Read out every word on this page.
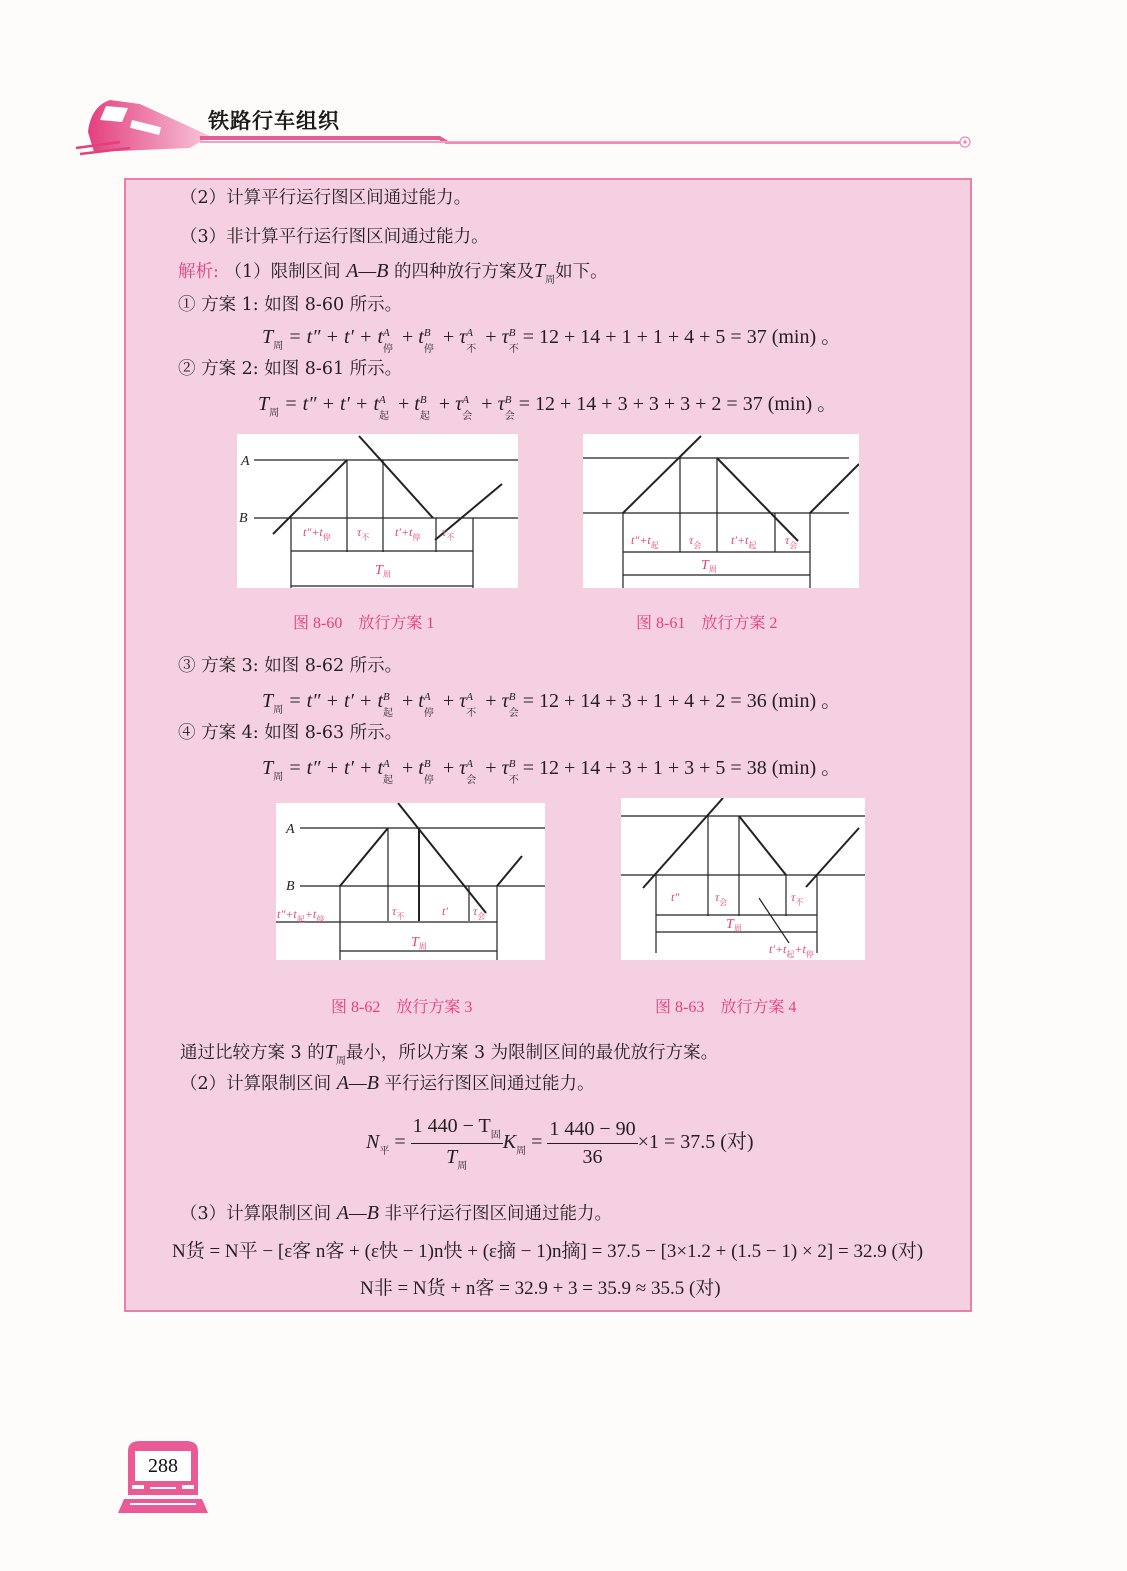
铁路行车组织
（2）计算平行运行图区间通过能力。
（3）非计算平行运行图区间通过能力。
解析: （1）限制区间 A—B 的四种放行方案及$T_周$如下。
① 方案 1: 如图 8-60 所示。
$T_周 = t'' + t' + t$ A
停
+ t B
停
+ τ A
不
+ τ B
不
= 12 + 14 + 1 + 1 + 4 + 5 = 37 (min) 。
② 方案 2: 如图 8-61 所示。
$T_周 = t'' + t' + t$ A
起
+ t B
起
+ τ A
会
+ τ B
会
= 12 + 14 + 3 + 3 + 3 + 2 = 37 (min) 。
A
B
$t''+t_停$ $\tau_不$ $t'+t_停$ $\tau_不$
$T_周$
$t''+t_起$	$\tau_会$ $t'+t_起$ $\tau_会$
$T_周$
图 8-60　放行方案 1	图 8-61　放行方案 2
③ 方案 3: 如图 8-62 所示。
$T_周 = t'' + t' + t$ B
起
+ t A
停
+ τ A
不
+ τ B
会
= 12 + 14 + 3 + 1 + 4 + 2 = 36 (min) 。
④ 方案 4: 如图 8-63 所示。
$T_周 = t'' + t' + t$ A
起
+ t B
停
+ τ A
会
+ τ B
不
= 12 + 14 + 3 + 1 + 3 + 5 = 38 (min) 。
A
B
$t''+t_起+t_停$
$\tau_不$	t′ $\tau_会$
$T_周$
t″	$\tau_会$	$\tau_不$
$T_周$
$t'+t_起+t_停$
图 8-62　放行方案 3	图 8-63　放行方案 4
通过比较方案 3 的$T_周$最小，所以方案 3 为限制区间的最优放行方案。
（2）计算限制区间 A—B 平行运行图区间通过能力。
$N_平 = \frac{1 440 - T_固}{T_周} K_周 = \frac{1 440 - 90}{36} \times 1 = 37.5$ (对)
（3）计算限制区间 A—B 非平行运行图区间通过能力。
N货 = N平 − [ε客 n客 + (ε快 − 1)n快 + (ε摘 − 1)n摘] = 37.5 − [3×1.2 + (1.5 − 1) × 2] = 32.9 (对)
N非 = N货 + n客 = 32.9 + 3 = 35.9 ≈ 35.5 (对)
288
